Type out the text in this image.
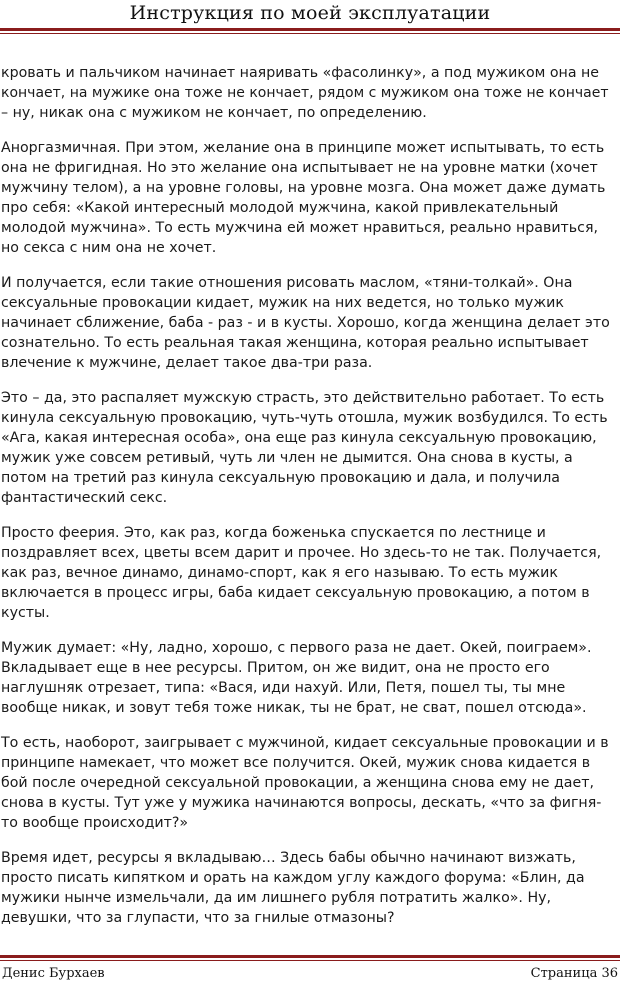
Инструкция по моей эксплуатации
кровать и пальчиком начинает наяривать «фасолинку», а под мужиком она не
кончает, на мужике она тоже не кончает, рядом с мужиком она тоже не кончает
– ну, никак она с мужиком не кончает, по определению.
Аноргазмичная. При этом, желание она в принципе может испытывать, то есть
она не фригидная. Но это желание она испытывает не на уровне матки (хочет
мужчину телом), а на уровне головы, на уровне мозга. Она может даже думать
про себя: «Какой интересный молодой мужчина, какой привлекательный
молодой мужчина». То есть мужчина ей может нравиться, реально нравиться,
но секса с ним она не хочет.
И получается, если такие отношения рисовать маслом, «тяни-толкай». Она
сексуальные провокации кидает, мужик на них ведется, но только мужик
начинает сближение, баба - раз - и в кусты. Хорошо, когда женщина делает это
сознательно. То есть реальная такая женщина, которая реально испытывает
влечение к мужчине, делает такое два-три раза.
Это – да, это распаляет мужскую страсть, это действительно работает. То есть
кинула сексуальную провокацию, чуть-чуть отошла, мужик возбудился. То есть
«Ага, какая интересная особа», она еще раз кинула сексуальную провокацию,
мужик уже совсем ретивый, чуть ли член не дымится. Она снова в кусты, а
потом на третий раз кинула сексуальную провокацию и дала, и получила
фантастический секс.
Просто феерия. Это, как раз, когда боженька спускается по лестнице и
поздравляет всех, цветы всем дарит и прочее. Но здесь-то не так. Получается,
как раз, вечное динамо, динамо-спорт, как я его называю. То есть мужик
включается в процесс игры, баба кидает сексуальную провокацию, а потом в
кусты.
Мужик думает: «Ну, ладно, хорошо, с первого раза не дает. Окей, поиграем».
Вкладывает еще в нее ресурсы. Притом, он же видит, она не просто его
наглушняк отрезает, типа: «Вася, иди нахуй. Или, Петя, пошел ты, ты мне
вообще никак, и зовут тебя тоже никак, ты не брат, не сват, пошел отсюда».
То есть, наоборот, заигрывает с мужчиной, кидает сексуальные провокации и в
принципе намекает, что может все получится. Окей, мужик снова кидается в
бой после очередной сексуальной провокации, а женщина снова ему не дает,
снова в кусты. Тут уже у мужика начинаются вопросы, дескать, «что за фигня-
то вообще происходит?»
Время идет, ресурсы я вкладываю… Здесь бабы обычно начинают визжать,
просто писать кипятком и орать на каждом углу каждого форума: «Блин, да
мужики нынче измельчали, да им лишнего рубля потратить жалко». Ну,
девушки, что за глупасти, что за гнилые отмазоны?
Денис Бурхаев	Страница 36
